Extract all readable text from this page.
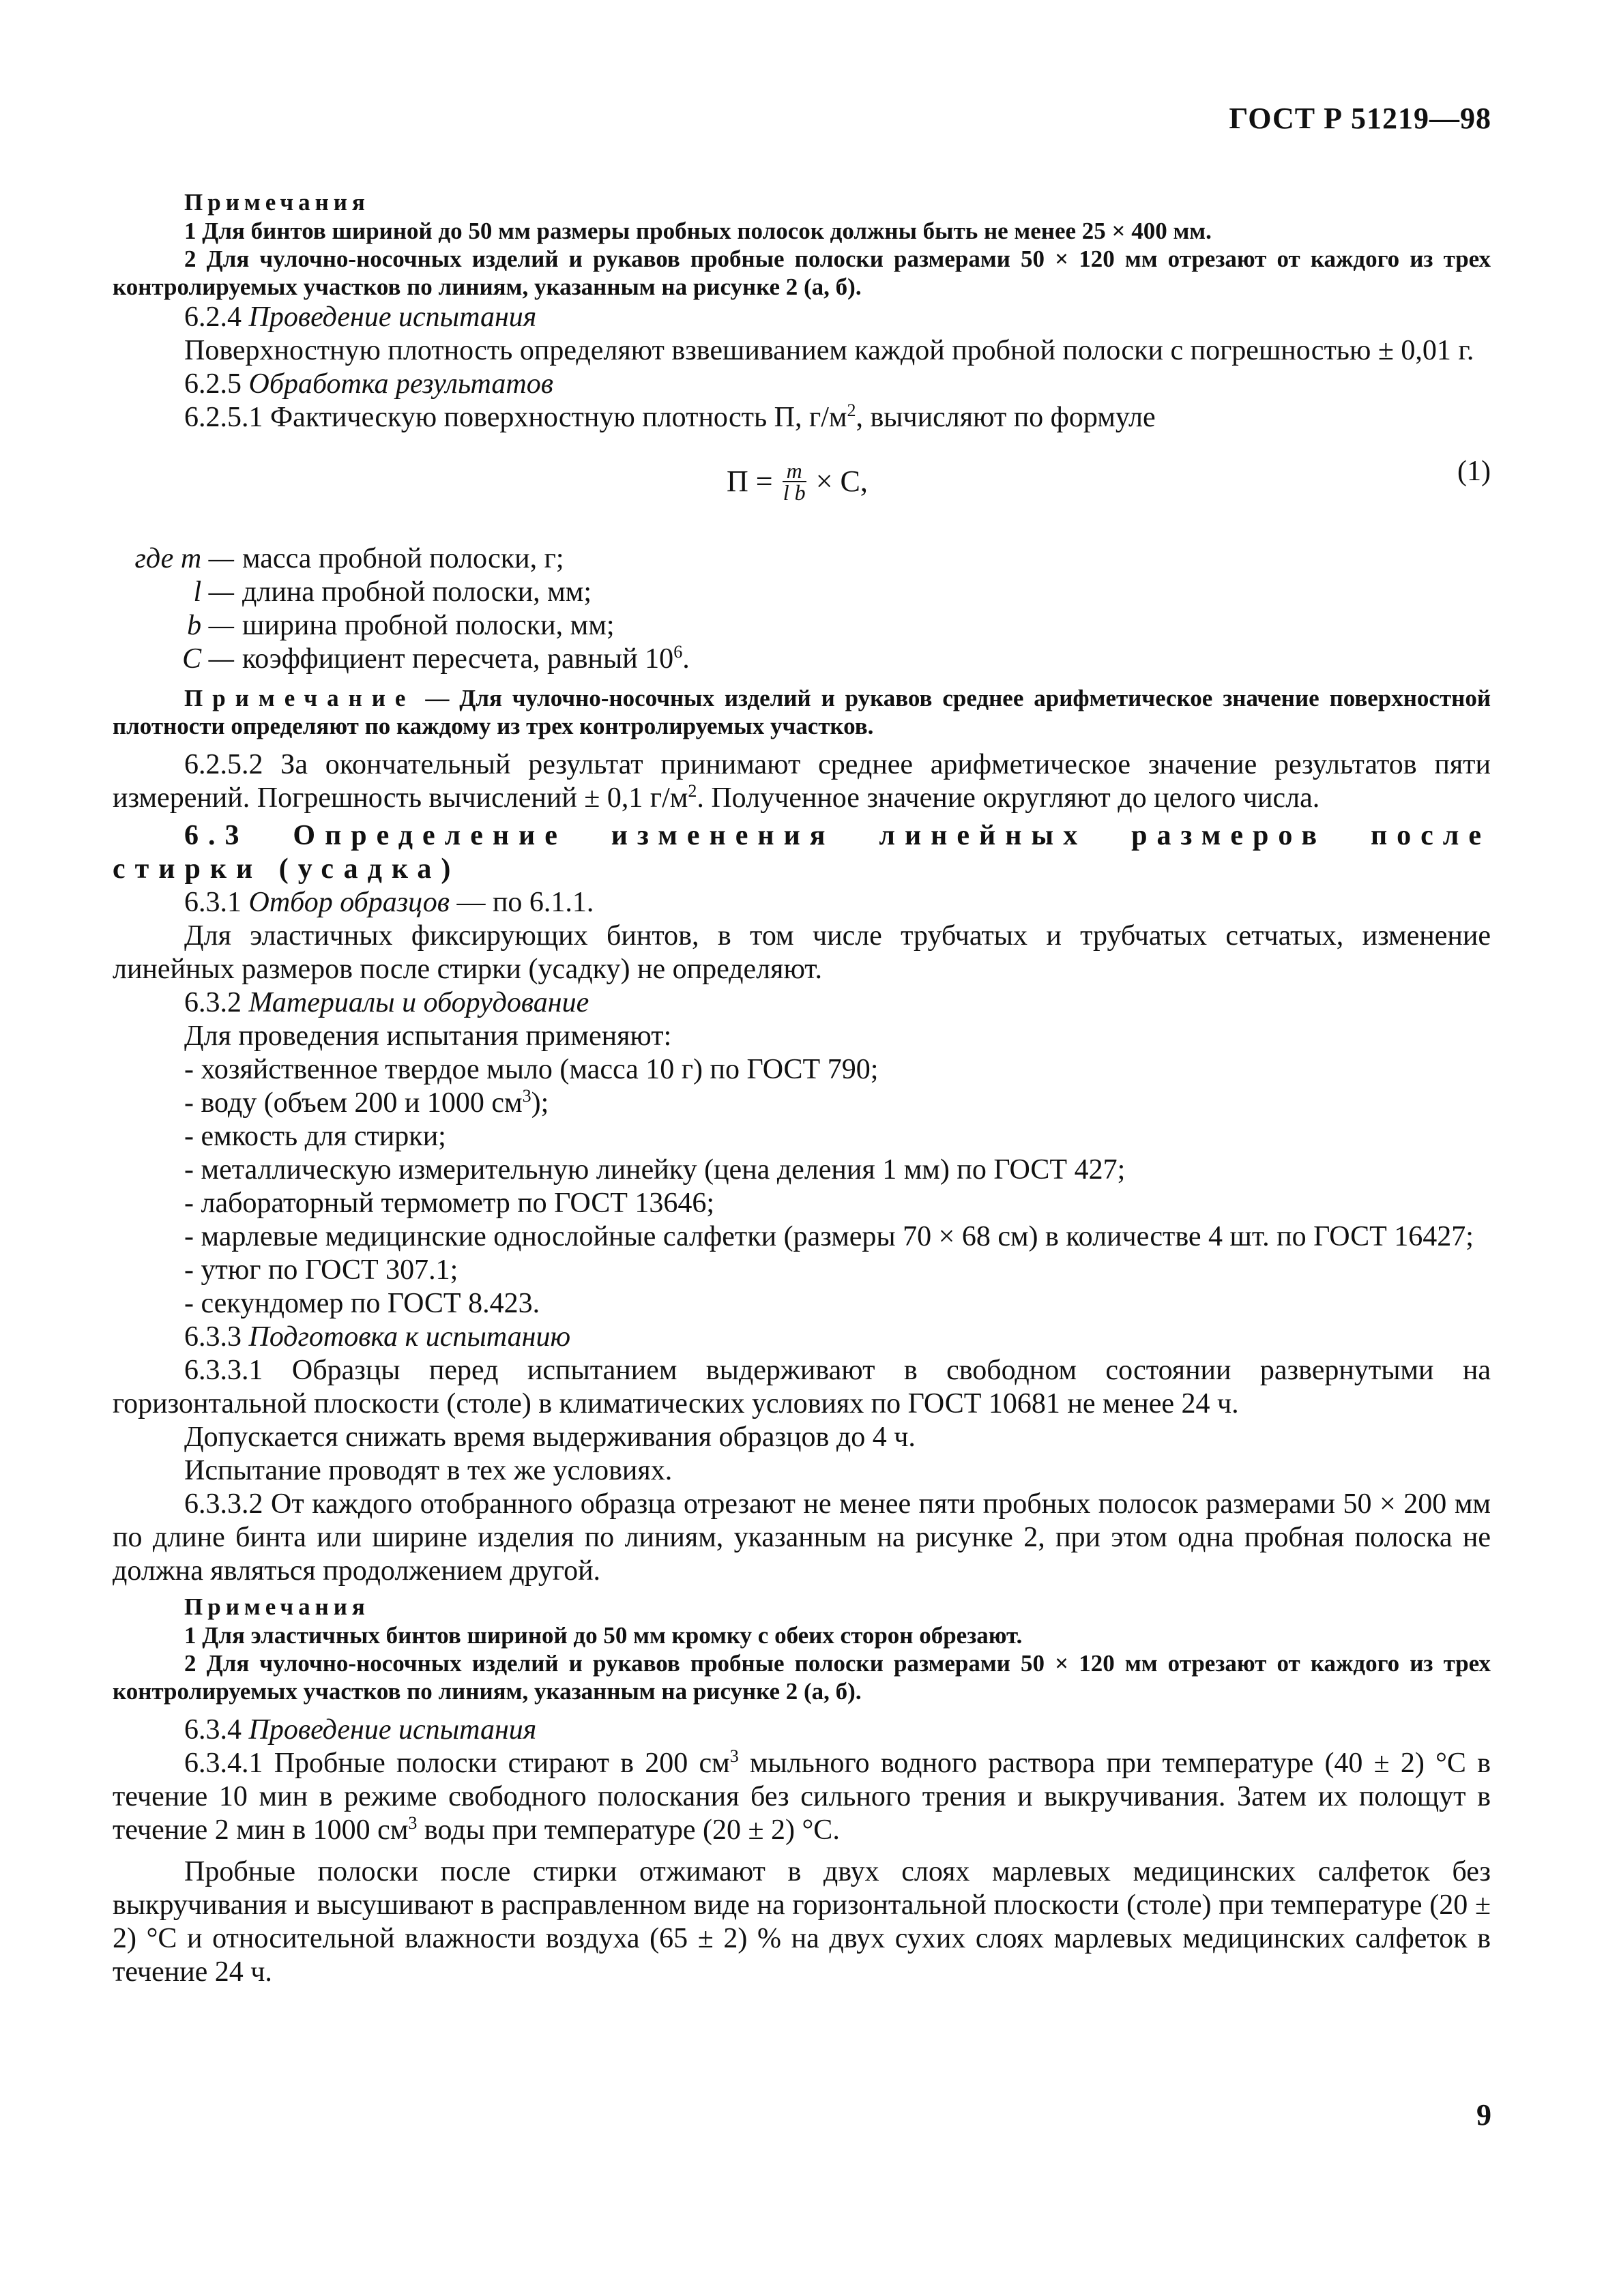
ГОСТ Р 51219—98
Примечания

1 Для бинтов шириной до 50 мм размеры пробных полосок должны быть не менее 25 × 400 мм.

2 Для чулочно-носочных изделий и рукавов пробные полоски размерами 50 × 120 мм отрезают от каждого из трех контролируемых участков по линиям, указанным на рисунке 2 (а, б).

6.2.4 Проведение испытания

Поверхностную плотность определяют взвешиванием каждой пробной полоски с погрешностью ± 0,01 г.

6.2.5 Обработка результатов

6.2.5.1 Фактическую поверхностную плотность П, $г/м^2$, вычисляют по формуле

$П = \frac{m}{\text{l b}} \times C$,	(1)
где m — масса пробной полоски, г;
l — длина пробной полоски, мм;
b — ширина пробной полоски, мм;
C — коэффициент пересчета, равный $10^6$.

Примечание — Для чулочно-носочных изделий и рукавов среднее арифметическое значение поверхностной плотности определяют по каждому из трех контролируемых участков.

6.2.5.2 За окончательный результат принимают среднее арифметическое значение результатов пяти измерений. Погрешность вычислений ± 0,1 $г/м^2$. Полученное значение округляют до целого числа.

6.3 Определение изменения линейных размеров после стирки (усадка)

6.3.1 Отбор образцов — по 6.1.1.

Для эластичных фиксирующих бинтов, в том числе трубчатых и трубчатых сетчатых, изменение линейных размеров после стирки (усадку) не определяют.

6.3.2 Материалы и оборудование

Для проведения испытания применяют:

- хозяйственное твердое мыло (масса 10 г) по ГОСТ 790;

- воду (объем 200 и 1000 $см^3$);

- емкость для стирки;

- металлическую измерительную линейку (цена деления 1 мм) по ГОСТ 427;

- лабораторный термометр по ГОСТ 13646;

- марлевые медицинские однослойные салфетки (размеры 70 × 68 см) в количестве 4 шт. по ГОСТ 16427;

- утюг по ГОСТ 307.1;

- секундомер по ГОСТ 8.423.

6.3.3 Подготовка к испытанию

6.3.3.1 Образцы перед испытанием выдерживают в свободном состоянии развернутыми на горизонтальной плоскости (столе) в климатических условиях по ГОСТ 10681 не менее 24 ч.

Допускается снижать время выдерживания образцов до 4 ч.

Испытание проводят в тех же условиях.

6.3.3.2 От каждого отобранного образца отрезают не менее пяти пробных полосок размерами 50 × 200 мм по длине бинта или ширине изделия по линиям, указанным на рисунке 2, при этом одна пробная полоска не должна являться продолжением другой.

Примечания

1 Для эластичных бинтов шириной до 50 мм кромку с обеих сторон обрезают.

2 Для чулочно-носочных изделий и рукавов пробные полоски размерами 50 × 120 мм отрезают от каждого из трех контролируемых участков по линиям, указанным на рисунке 2 (а, б).

6.3.4 Проведение испытания

6.3.4.1 Пробные полоски стирают в 200 $см^3$ мыльного водного раствора при температуре (40 ± 2) °С в течение 10 мин в режиме свободного полоскания без сильного трения и выкручивания. Затем их полощут в течение 2 мин в 1000 $см^3$ воды при температуре (20 ± 2) °С.

Пробные полоски после стирки отжимают в двух слоях марлевых медицинских салфеток без выкручивания и высушивают в расправленном виде на горизонтальной плоскости (столе) при температуре (20 ± 2) °С и относительной влажности воздуха (65 ± 2) % на двух сухих слоях марлевых медицинских салфеток в течение 24 ч.

9
